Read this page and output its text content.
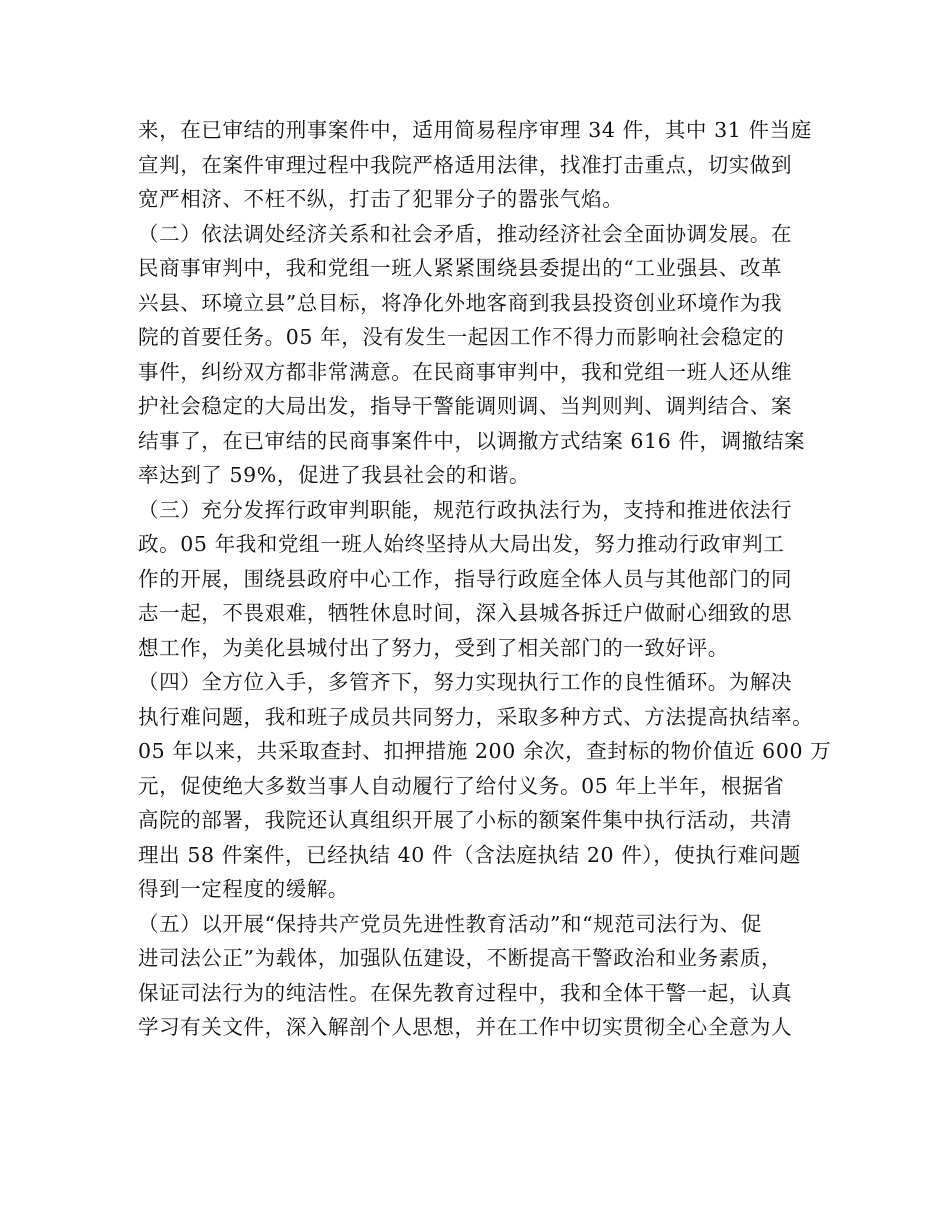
来，在已审结的刑事案件中，适用简易程序审理 34 件，其中 31 件当庭
宣判，在案件审理过程中我院严格适用法律，找准打击重点，切实做到
宽严相济、不枉不纵，打击了犯罪分子的嚣张气焰。
（二）依法调处经济关系和社会矛盾，推动经济社会全面协调发展。在
民商事审判中，我和党组一班人紧紧围绕县委提出的“工业强县、改革
兴县、环境立县”总目标，将净化外地客商到我县投资创业环境作为我
院的首要任务。05 年，没有发生一起因工作不得力而影响社会稳定的
事件，纠纷双方都非常满意。在民商事审判中，我和党组一班人还从维
护社会稳定的大局出发，指导干警能调则调、当判则判、调判结合、案
结事了，在已审结的民商事案件中，以调撤方式结案 616 件，调撤结案
率达到了 59%，促进了我县社会的和谐。
（三）充分发挥行政审判职能，规范行政执法行为，支持和推进依法行
政。05 年我和党组一班人始终坚持从大局出发，努力推动行政审判工
作的开展，围绕县政府中心工作，指导行政庭全体人员与其他部门的同
志一起，不畏艰难，牺牲休息时间，深入县城各拆迁户做耐心细致的思
想工作，为美化县城付出了努力，受到了相关部门的一致好评。
（四）全方位入手，多管齐下，努力实现执行工作的良性循环。为解决
执行难问题，我和班子成员共同努力，采取多种方式、方法提高执结率。
05 年以来，共采取查封、扣押措施 200 余次，查封标的物价值近 600 万
元，促使绝大多数当事人自动履行了给付义务。05 年上半年，根据省
高院的部署，我院还认真组织开展了小标的额案件集中执行活动，共清
理出 58 件案件，已经执结 40 件（含法庭执结 20 件），使执行难问题
得到一定程度的缓解。
（五）以开展“保持共产党员先进性教育活动”和“规范司法行为、促
进司法公正”为载体，加强队伍建设，不断提高干警政治和业务素质，
保证司法行为的纯洁性。在保先教育过程中，我和全体干警一起，认真
学习有关文件，深入解剖个人思想，并在工作中切实贯彻全心全意为人
